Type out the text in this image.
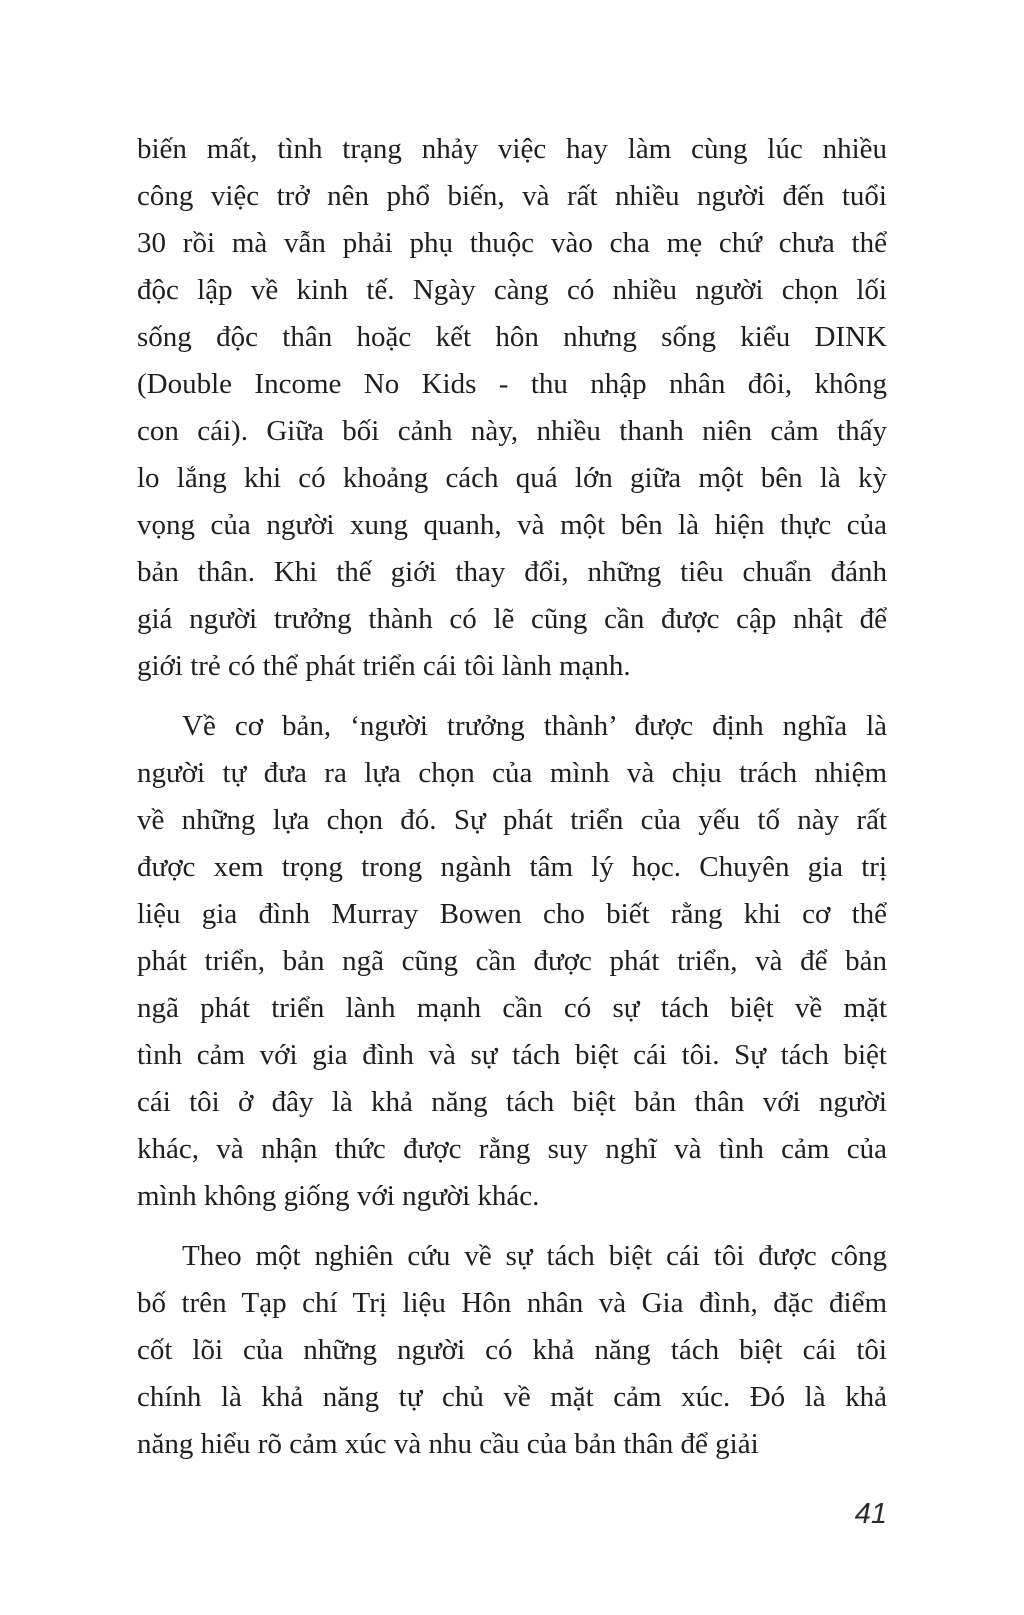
biến mất, tình trạng nhảy việc hay làm cùng lúc nhiều
công việc trở nên phổ biến, và rất nhiều người đến tuổi
30 rồi mà vẫn phải phụ thuộc vào cha mẹ chứ chưa thể
độc lập về kinh tế. Ngày càng có nhiều người chọn lối
sống độc thân hoặc kết hôn nhưng sống kiểu DINK
(Double Income No Kids - thu nhập nhân đôi, không
con cái). Giữa bối cảnh này, nhiều thanh niên cảm thấy
lo lắng khi có khoảng cách quá lớn giữa một bên là kỳ
vọng của người xung quanh, và một bên là hiện thực của
bản thân. Khi thế giới thay đổi, những tiêu chuẩn đánh
giá người trưởng thành có lẽ cũng cần được cập nhật để
giới trẻ có thể phát triển cái tôi lành mạnh.
Về cơ bản, ‘người trưởng thành’ được định nghĩa là
người tự đưa ra lựa chọn của mình và chịu trách nhiệm
về những lựa chọn đó. Sự phát triển của yếu tố này rất
được xem trọng trong ngành tâm lý học. Chuyên gia trị
liệu gia đình Murray Bowen cho biết rằng khi cơ thể
phát triển, bản ngã cũng cần được phát triển, và để bản
ngã phát triển lành mạnh cần có sự tách biệt về mặt
tình cảm với gia đình và sự tách biệt cái tôi. Sự tách biệt
cái tôi ở đây là khả năng tách biệt bản thân với người
khác, và nhận thức được rằng suy nghĩ và tình cảm của
mình không giống với người khác.
Theo một nghiên cứu về sự tách biệt cái tôi được công
bố trên Tạp chí Trị liệu Hôn nhân và Gia đình, đặc điểm
cốt lõi của những người có khả năng tách biệt cái tôi
chính là khả năng tự chủ về mặt cảm xúc. Đó là khả
năng hiểu rõ cảm xúc và nhu cầu của bản thân để giải
41
